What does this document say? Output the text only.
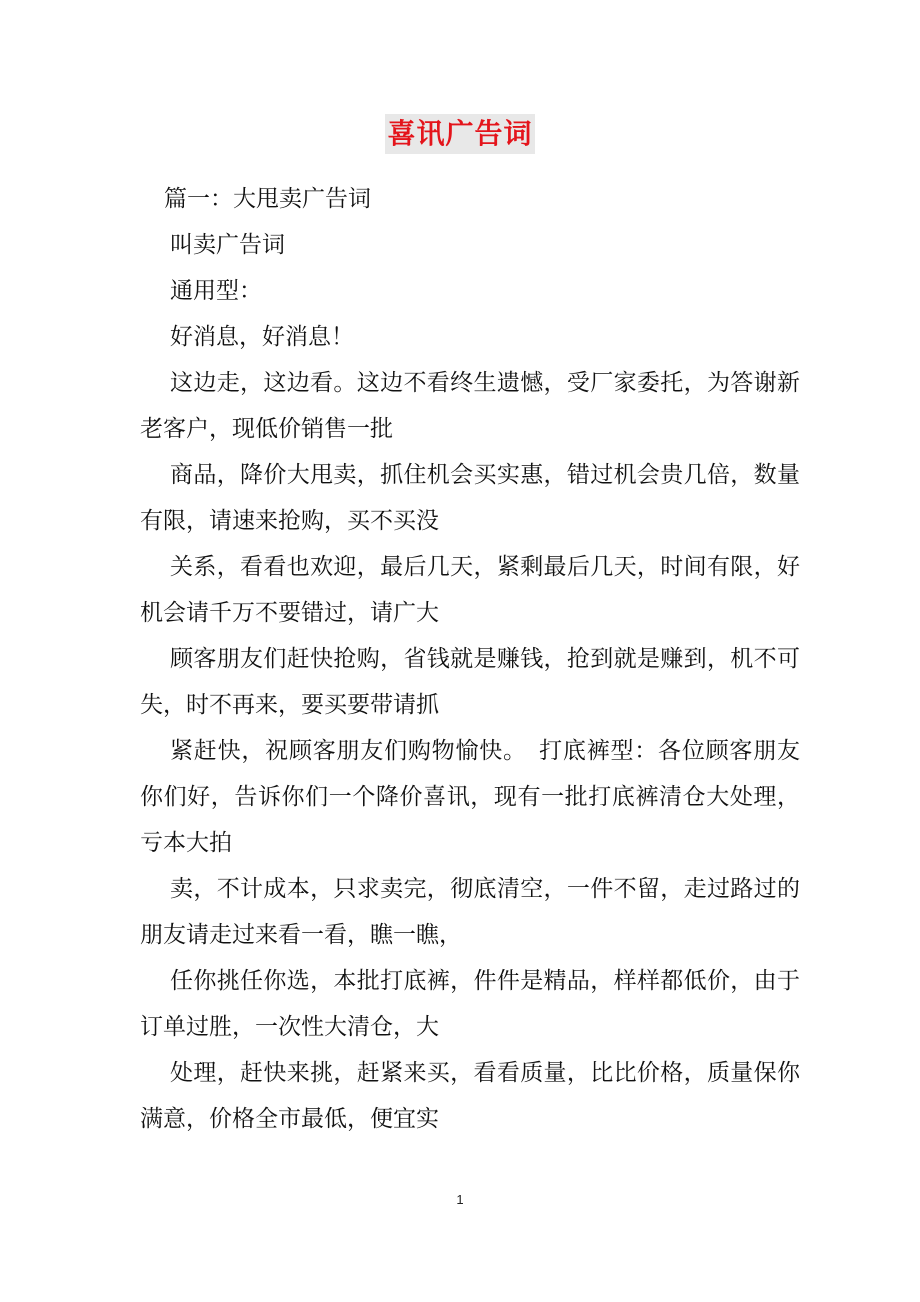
喜讯广告词

篇一：大甩卖广告词

叫卖广告词

通用型：

好消息，好消息！

这边走，这边看。这边不看终生遗憾，受厂家委托，为答谢新老客户，现低价销售一批

商品，降价大甩卖，抓住机会买实惠，错过机会贵几倍，数量有限，请速来抢购，买不买没

关系，看看也欢迎，最后几天，紧剩最后几天，时间有限，好机会请千万不要错过，请广大

顾客朋友们赶快抢购，省钱就是赚钱，抢到就是赚到，机不可失，时不再来，要买要带请抓

紧赶快，祝顾客朋友们购物愉快。　打底裤型：各位顾客朋友你们好，告诉你们一个降价喜讯，现有一批打底裤清仓大处理，亏本大拍

卖，不计成本，只求卖完，彻底清空，一件不留，走过路过的朋友请走过来看一看，瞧一瞧，

任你挑任你选，本批打底裤，件件是精品，样样都低价，由于订单过胜，一次性大清仓，大

处理，赶快来挑，赶紧来买，看看质量，比比价格，质量保你满意，价格全市最低，便宜实

1
